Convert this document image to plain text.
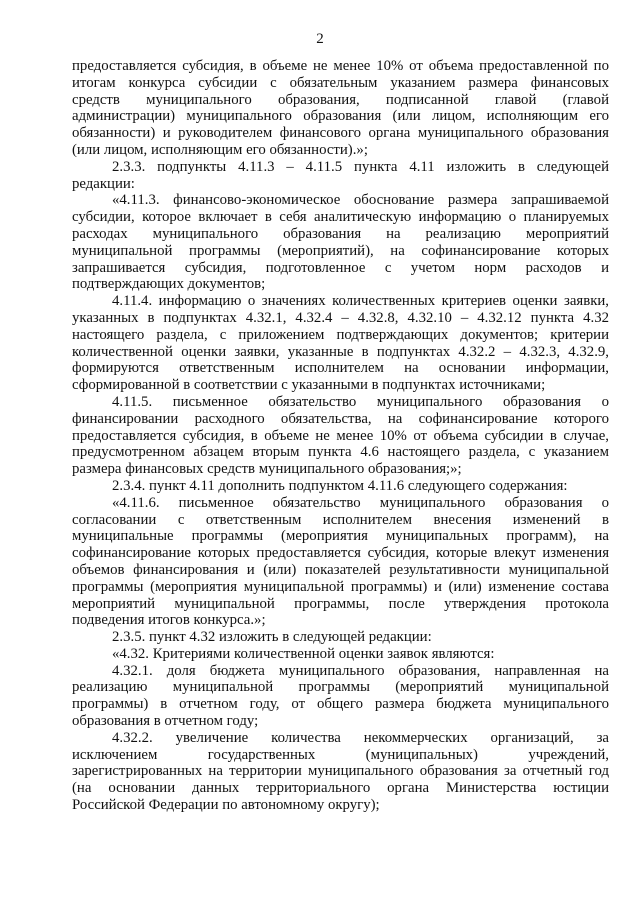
2

предоставляется субсидия, в объеме не менее 10% от объема предоставленной по
итогам конкурса субсидии с обязательным указанием размера финансовых
средств муниципального образования, подписанной главой (главой
администрации) муниципального образования (или лицом, исполняющим его
обязанности) и руководителем финансового органа муниципального образования
(или лицом, исполняющим его обязанности).»;

2.3.3. подпункты 4.11.3 – 4.11.5 пункта 4.11 изложить в следующей
редакции:

«4.11.3. финансово-экономическое обоснование размера запрашиваемой
субсидии, которое включает в себя аналитическую информацию о планируемых
расходах муниципального образования на реализацию мероприятий
муниципальной программы (мероприятий), на софинансирование которых
запрашивается субсидия, подготовленное с учетом норм расходов и
подтверждающих документов;

4.11.4. информацию о значениях количественных критериев оценки заявки,
указанных в подпунктах 4.32.1, 4.32.4 – 4.32.8, 4.32.10 – 4.32.12 пункта 4.32
настоящего раздела, с приложением подтверждающих документов; критерии
количественной оценки заявки, указанные в подпунктах 4.32.2 – 4.32.3, 4.32.9,
формируются ответственным исполнителем на основании информации,
сформированной в соответствии с указанными в подпунктах источниками;

4.11.5. письменное обязательство муниципального образования о
финансировании расходного обязательства, на софинансирование которого
предоставляется субсидия, в объеме не менее 10% от объема субсидии в случае,
предусмотренном абзацем вторым пункта 4.6 настоящего раздела, с указанием
размера финансовых средств муниципального образования;»;

2.3.4. пункт 4.11 дополнить подпунктом 4.11.6 следующего содержания:

«4.11.6. письменное обязательство муниципального образования о
согласовании с ответственным исполнителем внесения изменений в
муниципальные программы (мероприятия муниципальных программ), на
софинансирование которых предоставляется субсидия, которые влекут изменения
объемов финансирования и (или) показателей результативности муниципальной
программы (мероприятия муниципальной программы) и (или) изменение состава
мероприятий муниципальной программы, после утверждения протокола
подведения итогов конкурса.»;

2.3.5. пункт 4.32 изложить в следующей редакции:

«4.32. Критериями количественной оценки заявок являются:

4.32.1. доля бюджета муниципального образования, направленная на
реализацию муниципальной программы (мероприятий муниципальной
программы) в отчетном году, от общего размера бюджета муниципального
образования в отчетном году;

4.32.2. увеличение количества некоммерческих организаций, за
исключением государственных (муниципальных) учреждений,
зарегистрированных на территории муниципального образования за отчетный год
(на основании данных территориального органа Министерства юстиции
Российской Федерации по автономному округу);
